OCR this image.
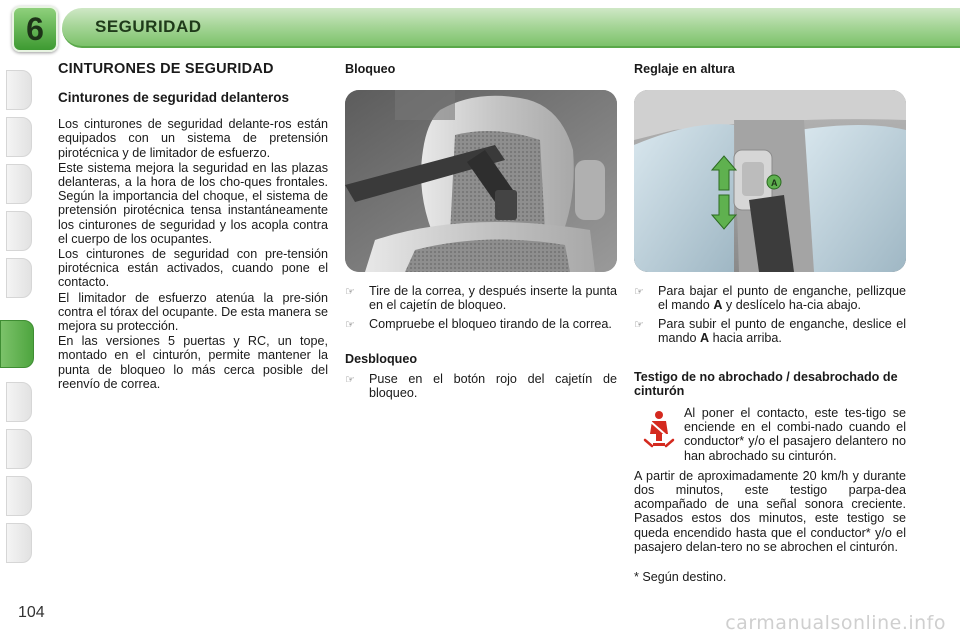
6	SEGURIDAD
CINTURONES DE SEGURIDAD
Cinturones de seguridad delanteros

Los cinturones de seguridad delante-ros están equipados con un sistema de pretensión pirotécnica y de limitador de esfuerzo.

Este sistema mejora la seguridad en las plazas delanteras, a la hora de los cho-ques frontales. Según la importancia del choque, el sistema de pretensión pirotécnica tensa instantáneamente los cinturones de seguridad y los acopla contra el cuerpo de los ocupantes.

Los cinturones de seguridad con pre-tensión pirotécnica están activados, cuando pone el contacto.

El limitador de esfuerzo atenúa la pre-sión contra el tórax del ocupante. De esta manera se mejora su protección.

En las versiones 5 puertas y RC, un tope, montado en el cinturón, permite mantener la punta de bloqueo lo más cerca posible del reenvío de correa.

Bloqueo
☞	Tire de la correa, y después inserte la punta en el cajetín de bloqueo.
☞	Compruebe el bloqueo tirando de la correa.
Desbloqueo
☞	Puse en el botón rojo del cajetín de bloqueo.
Reglaje en altura
A
☞	Para bajar el punto de enganche, pellizque el mando A y deslícelo ha-cia abajo.
☞	Para subir el punto de enganche, deslice el mando A hacia arriba.
Testigo de no abrochado / desabrochado de cinturón
Al poner el contacto, este tes-tigo se enciende en el combi-nado cuando el conductor* y/o el pasajero delantero no han abrochado su cinturón.

A partir de aproximadamente 20 km/h y durante dos minutos, este testigo parpa-dea acompañado de una señal sonora creciente. Pasados estos dos minutos, este testigo se queda encendido hasta que el conductor* y/o el pasajero delan-tero no se abrochen el cinturón.

* Según destino.

104	carmanualsonline.info
